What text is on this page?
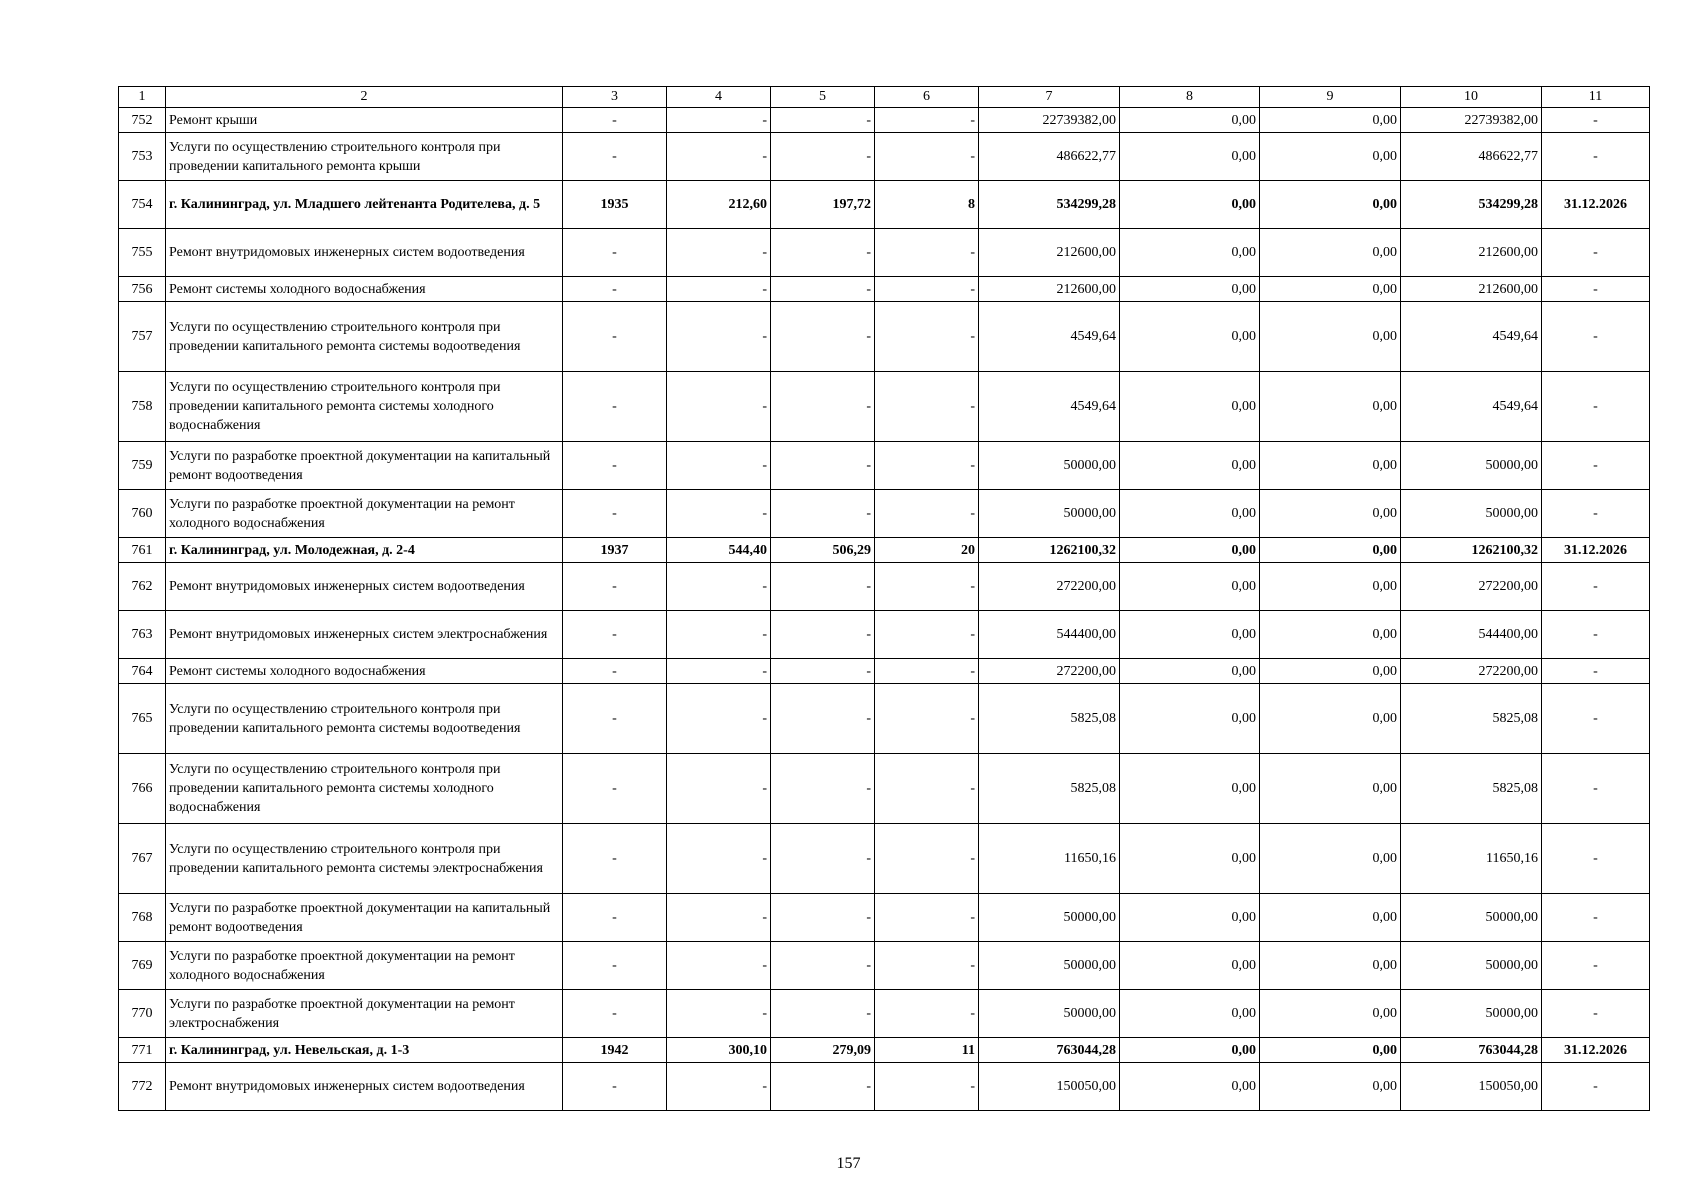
1	2	3	4	5	6	7	8	9	10	11
752	Ремонт крыши	-	-	-	-	22739382,00	0,00	0,00	22739382,00	-
753	Услуги по осуществлению строительного контроля при проведении капитального ремонта крыши	-	-	-	-	486622,77	0,00	0,00	486622,77	-
754	г. Калининград, ул. Младшего лейтенанта Родителева, д. 5	1935	212,60	197,72	8	534299,28	0,00	0,00	534299,28	31.12.2026
755	Ремонт внутридомовых инженерных систем водоотведения	-	-	-	-	212600,00	0,00	0,00	212600,00	-
756	Ремонт системы холодного водоснабжения	-	-	-	-	212600,00	0,00	0,00	212600,00	-
757	Услуги по осуществлению строительного контроля при проведении капитального ремонта системы водоотведения	-	-	-	-	4549,64	0,00	0,00	4549,64	-
758	Услуги по осуществлению строительного контроля при проведении капитального ремонта системы холодного водоснабжения	-	-	-	-	4549,64	0,00	0,00	4549,64	-
759	Услуги по разработке проектной документации на капитальный ремонт водоотведения	-	-	-	-	50000,00	0,00	0,00	50000,00	-
760	Услуги по разработке проектной документации на ремонт холодного водоснабжения	-	-	-	-	50000,00	0,00	0,00	50000,00	-
761	г. Калининград, ул. Молодежная, д. 2-4	1937	544,40	506,29	20	1262100,32	0,00	0,00	1262100,32	31.12.2026
762	Ремонт внутридомовых инженерных систем водоотведения	-	-	-	-	272200,00	0,00	0,00	272200,00	-
763	Ремонт внутридомовых инженерных систем электроснабжения	-	-	-	-	544400,00	0,00	0,00	544400,00	-
764	Ремонт системы холодного водоснабжения	-	-	-	-	272200,00	0,00	0,00	272200,00	-
765	Услуги по осуществлению строительного контроля при проведении капитального ремонта системы водоотведения	-	-	-	-	5825,08	0,00	0,00	5825,08	-
766	Услуги по осуществлению строительного контроля при проведении капитального ремонта системы холодного водоснабжения	-	-	-	-	5825,08	0,00	0,00	5825,08	-
767	Услуги по осуществлению строительного контроля при проведении капитального ремонта системы электроснабжения	-	-	-	-	11650,16	0,00	0,00	11650,16	-
768	Услуги по разработке проектной документации на капитальный ремонт водоотведения	-	-	-	-	50000,00	0,00	0,00	50000,00	-
769	Услуги по разработке проектной документации на ремонт холодного водоснабжения	-	-	-	-	50000,00	0,00	0,00	50000,00	-
770	Услуги по разработке проектной документации на ремонт электроснабжения	-	-	-	-	50000,00	0,00	0,00	50000,00	-
771	г. Калининград, ул. Невельская, д. 1-3	1942	300,10	279,09	11	763044,28	0,00	0,00	763044,28	31.12.2026
772	Ремонт внутридомовых инженерных систем водоотведения	-	-	-	-	150050,00	0,00	0,00	150050,00	-
157
